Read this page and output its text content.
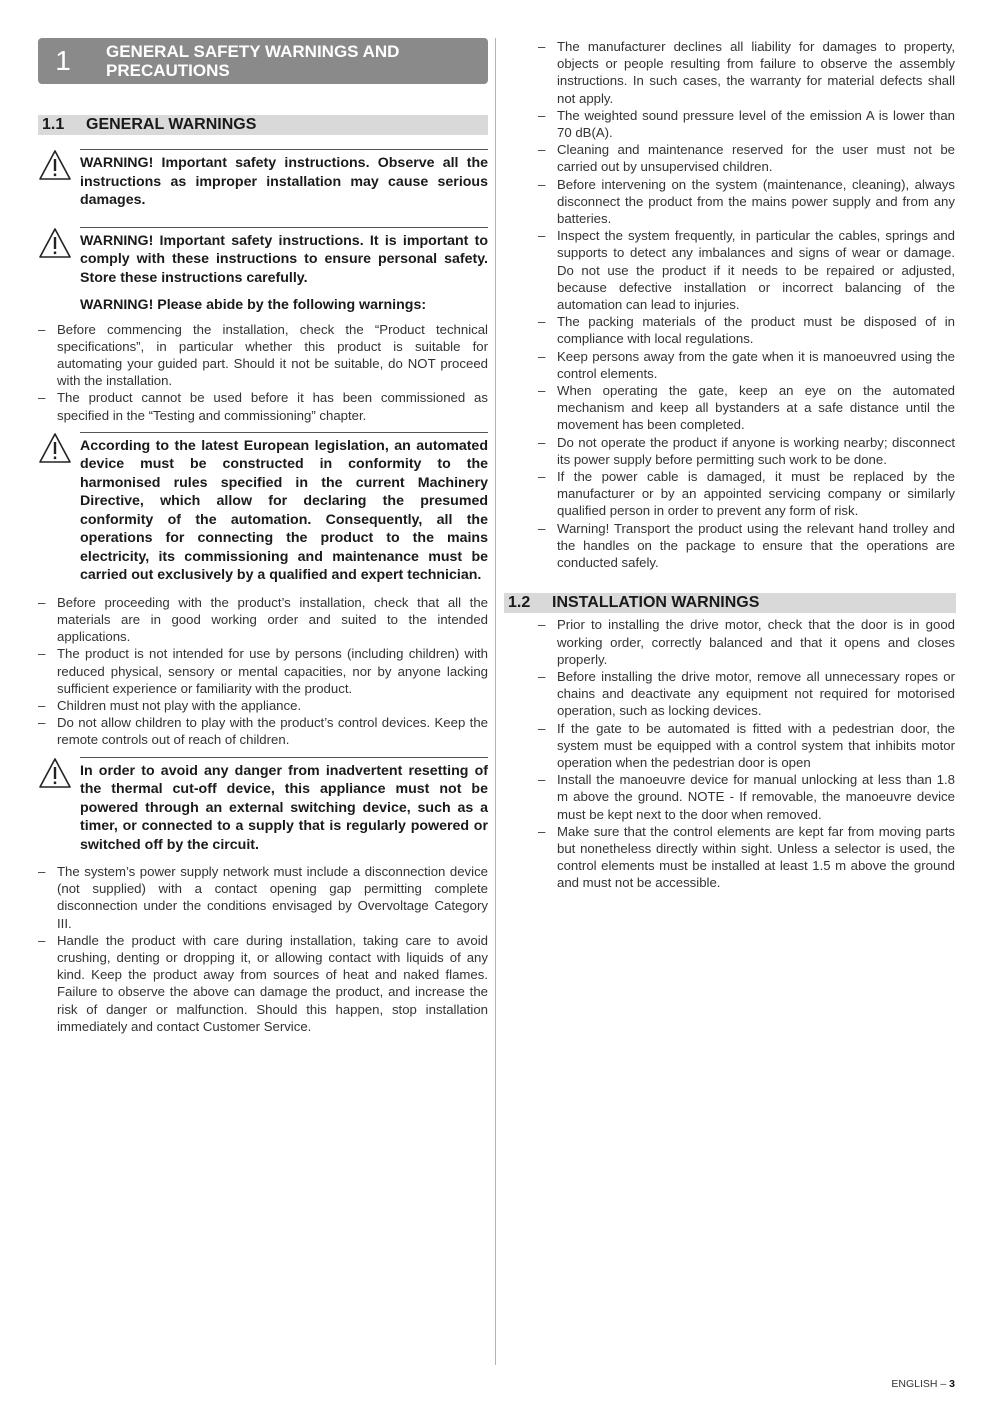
1	GENERAL SAFETY WARNINGS AND
PRECAUTIONS
1.1	GENERAL WARNINGS

WARNING! Important safety instructions. Observe all the instructions as improper installation may cause serious damages.

WARNING! Important safety instructions. It is important to comply with these instructions to ensure personal safety. Store these instructions carefully.

WARNING! Please abide by the following warnings:

– Before commencing the installation, check the “Product technical specifications”, in particular whether this product is suitable for automating your guided part. Should it not be suitable, do NOT proceed with the installation.
– The product cannot be used before it has been commissioned as specified in the “Testing and commissioning” chapter.

According to the latest European legislation, an automated device must be constructed in conformity to the harmonised rules specified in the current Machinery Directive, which allow for declaring the presumed conformity of the automation. Consequently, all the operations for connecting the product to the mains electricity, its commissioning and maintenance must be carried out exclusively by a qualified and expert technician.

– Before proceeding with the product’s installation, check that all the materials are in good working order and suited to the intended applications.
– The product is not intended for use by persons (including children) with reduced physical, sensory or mental capacities, nor by anyone lacking sufficient experience or familiarity with the product.
– Children must not play with the appliance.
– Do not allow children to play with the product’s control devices. Keep the remote controls out of reach of children.

In order to avoid any danger from inadvertent resetting of the thermal cut-off device, this appliance must not be powered through an external switching device, such as a timer, or connected to a supply that is regularly powered or switched off by the circuit.

– The system’s power supply network must include a disconnection device (not supplied) with a contact opening gap permitting complete disconnection under the conditions envisaged by Overvoltage Category III.
– Handle the product with care during installation, taking care to avoid crushing, denting or dropping it, or allowing contact with liquids of any kind. Keep the product away from sources of heat and naked flames. Failure to observe the above can damage the product, and increase the risk of danger or malfunction. Should this happen, stop installation immediately and contact Customer Service.
– The manufacturer declines all liability for damages to property, objects or people resulting from failure to observe the assembly instructions. In such cases, the warranty for material defects shall not apply.
– The weighted sound pressure level of the emission A is lower than 70 dB(A).
– Cleaning and maintenance reserved for the user must not be carried out by unsupervised children.
– Before intervening on the system (maintenance, cleaning), always disconnect the product from the mains power supply and from any batteries.
– Inspect the system frequently, in particular the cables, springs and supports to detect any imbalances and signs of wear or damage. Do not use the product if it needs to be repaired or adjusted, because defective installation or incorrect balancing of the automation can lead to injuries.
– The packing materials of the product must be disposed of in compliance with local regulations.
– Keep persons away from the gate when it is manoeuvred using the control elements.
– When operating the gate, keep an eye on the automated mechanism and keep all bystanders at a safe distance until the movement has been completed.
– Do not operate the product if anyone is working nearby; disconnect its power supply before permitting such work to be done.
– If the power cable is damaged, it must be replaced by the manufacturer or by an appointed servicing company or similarly qualified person in order to prevent any form of risk.
– Warning! Transport the product using the relevant hand trolley and the handles on the package to ensure that the operations are conducted safely.
1.2	INSTALLATION WARNINGS
– Prior to installing the drive motor, check that the door is in good working order, correctly balanced and that it opens and closes properly.
– Before installing the drive motor, remove all unnecessary ropes or chains and deactivate any equipment not required for motorised operation, such as locking devices.
– If the gate to be automated is fitted with a pedestrian door, the system must be equipped with a control system that inhibits motor operation when the pedestrian door is open
– Install the manoeuvre device for manual unlocking at less than 1.8 m above the ground. NOTE - If removable, the manoeuvre device must be kept next to the door when removed.
– Make sure that the control elements are kept far from moving parts but nonetheless directly within sight. Unless a selector is used, the control elements must be installed at least 1.5 m above the ground and must not be accessible.
ENGLISH – 3
